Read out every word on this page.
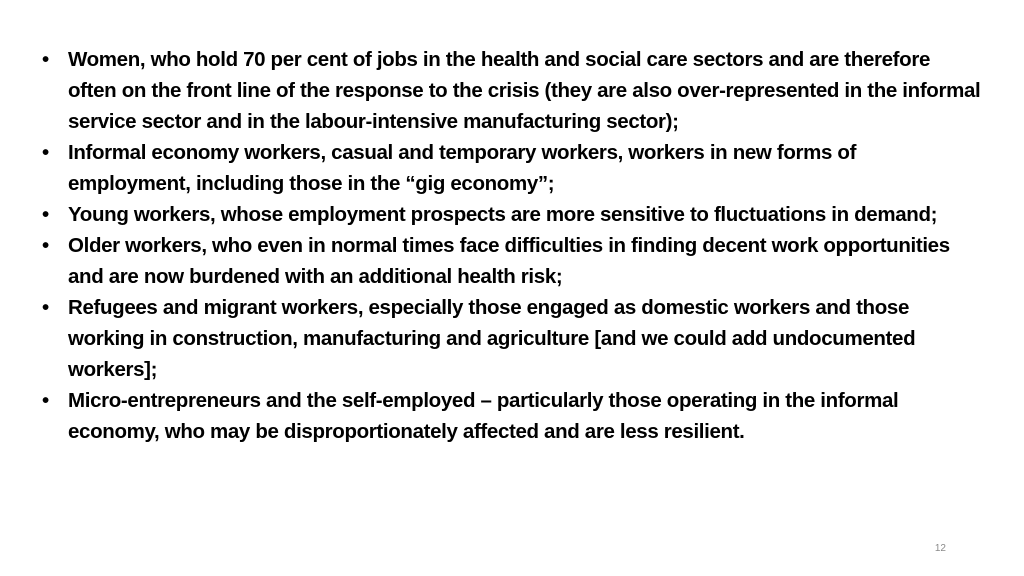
• Women, who hold 70 per cent of jobs in the health and social care sectors and are therefore often on the front line of the response to the crisis (they are also over-represented in the informal service sector and in the labour-intensive manufacturing sector);
• Informal economy workers, casual and temporary workers, workers in new forms of employment, including those in the “gig economy”;
• Young workers, whose employment prospects are more sensitive to fluctuations in demand;
• Older workers, who even in normal times face difficulties in finding decent work opportunities and are now burdened with an additional health risk;
• Refugees and migrant workers, especially those engaged as domestic workers and those working in construction, manufacturing and agriculture [and we could add undocumented workers];
• Micro-entrepreneurs and the self-employed – particularly those operating in the informal economy, who may be disproportionately affected and are less resilient.
12
